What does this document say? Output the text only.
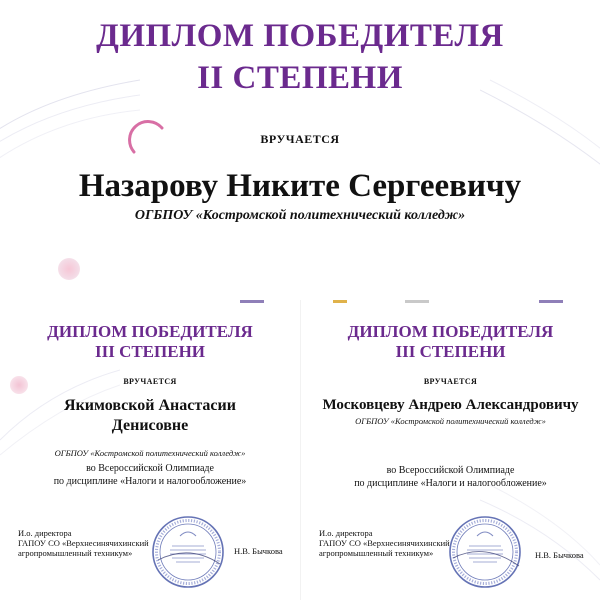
ДИПЛОМ ПОБЕДИТЕЛЯ
II СТЕПЕНИ
ВРУЧАЕТСЯ
Назарову Никите Сергеевичу
ОГБПОУ «Костромской политехнический колледж»
ДИПЛОМ ПОБЕДИТЕЛЯ
III СТЕПЕНИ
ВРУЧАЕТСЯ
Якимовской Анастасии
Денисовне
ОГБПОУ «Костромской политехнический колледж»
во Всероссийской Олимпиаде
по дисциплине «Налоги и налогообложение»
И.о. директора
ГАПОУ СО «Верхнесинячихинский
агропромышленный техникум»	Н.В. Бычкова
ДИПЛОМ ПОБЕДИТЕЛЯ
III СТЕПЕНИ
ВРУЧАЕТСЯ
Московцеву Андрею Александровичу
ОГБПОУ «Костромской политехнический колледж»
во Всероссийской Олимпиаде
по дисциплине «Налоги и налогообложение»
И.о. директора
ГАПОУ СО «Верхнесинячихинский
агропромышленный техникум»	Н.В. Бычкова
